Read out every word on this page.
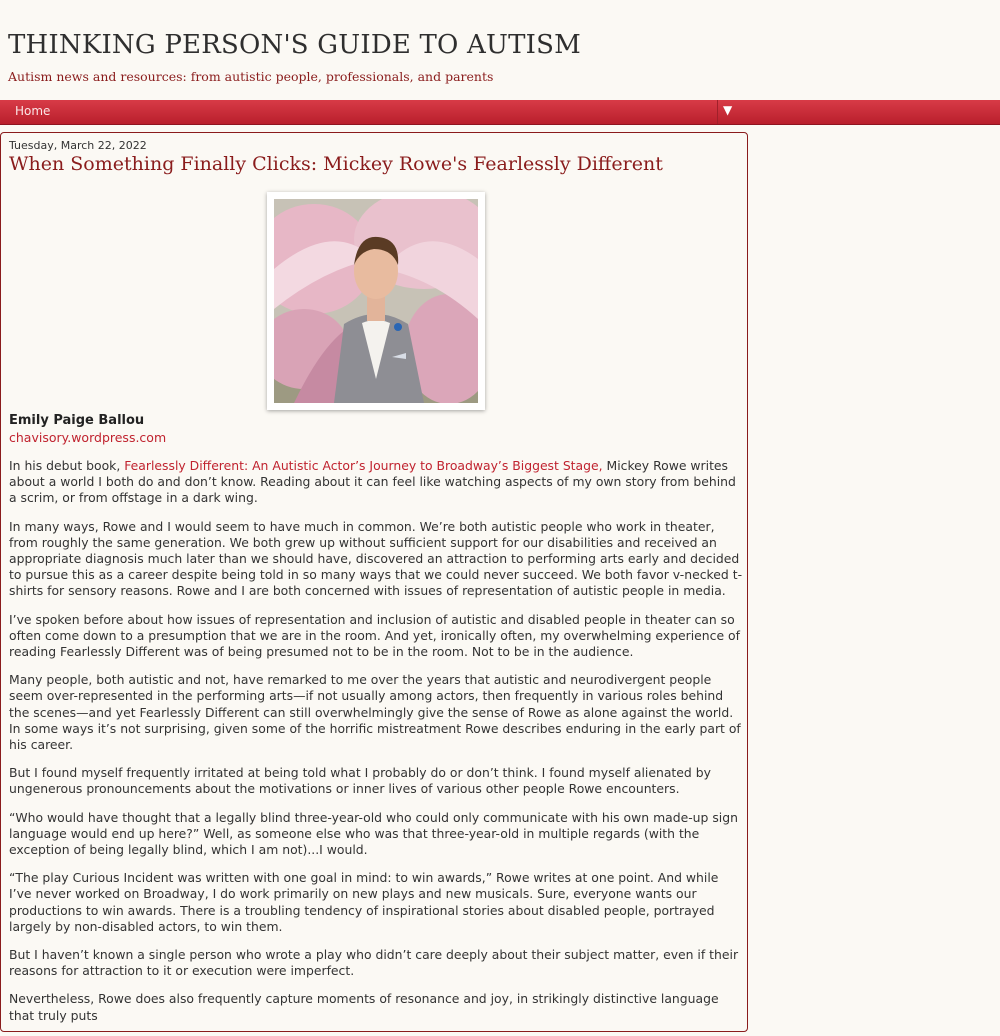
THINKING PERSON'S GUIDE TO AUTISM
Autism news and resources: from autistic people, professionals, and parents
Home	▼
Tuesday, March 22, 2022
When Something Finally Clicks: Mickey Rowe's Fearlessly Different
Emily Paige Ballou
chavisory.wordpress.com

In his debut book, Fearlessly Different: An Autistic Actor’s Journey to Broadway’s Biggest Stage, Mickey Rowe writes about a world I both do and don’t know. Reading about it can feel like watching aspects of my own story from behind a scrim, or from offstage in a dark wing.

In many ways, Rowe and I would seem to have much in common. We’re both autistic people who work in theater, from roughly the same generation. We both grew up without sufficient support for our disabilities and received an appropriate diagnosis much later than we should have, discovered an attraction to performing arts early and decided to pursue this as a career despite being told in so many ways that we could never succeed. We both favor v-necked t-shirts for sensory reasons. Rowe and I are both concerned with issues of representation of autistic people in media.

I’ve spoken before about how issues of representation and inclusion of autistic and disabled people in theater can so often come down to a presumption that we are in the room. And yet, ironically often, my overwhelming experience of reading Fearlessly Different was of being presumed not to be in the room. Not to be in the audience.

Many people, both autistic and not, have remarked to me over the years that autistic and neurodivergent people seem over-represented in the performing arts—if not usually among actors, then frequently in various roles behind the scenes—and yet Fearlessly Different can still overwhelmingly give the sense of Rowe as alone against the world. In some ways it’s not surprising, given some of the horrific mistreatment Rowe describes enduring in the early part of his career.

But I found myself frequently irritated at being told what I probably do or don’t think. I found myself alienated by ungenerous pronouncements about the motivations or inner lives of various other people Rowe encounters.

“Who would have thought that a legally blind three-year-old who could only communicate with his own made-up sign language would end up here?” Well, as someone else who was that three-year-old in multiple regards (with the exception of being legally blind, which I am not)...I would.

“The play Curious Incident was written with one goal in mind: to win awards,” Rowe writes at one point. And while I’ve never worked on Broadway, I do work primarily on new plays and new musicals. Sure, everyone wants our productions to win awards. There is a troubling tendency of inspirational stories about disabled people, portrayed largely by non-disabled actors, to win them.

But I haven’t known a single person who wrote a play who didn’t care deeply about their subject matter, even if their reasons for attraction to it or execution were imperfect.

Nevertheless, Rowe does also frequently capture moments of resonance and joy, in strikingly distinctive language that truly puts
